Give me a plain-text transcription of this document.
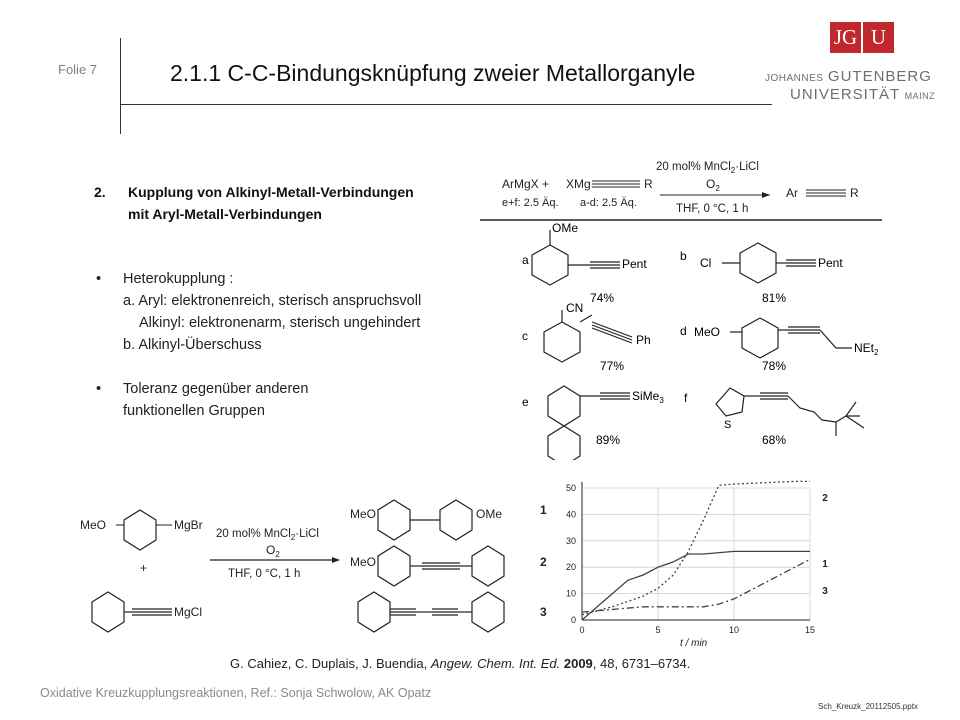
Folie 7	2.1.1 C-C-Bindungsknüpfung zweier Metallorganyle
JG U
JOHANNES GUTENBERG
UNIVERSITÄT MAINZ
2. Kupplung von Alkinyl-Metall-Verbindungen
mit Aryl-Metall-Verbindungen
•	Heterokupplung :
a. Aryl: elektronenreich, sterisch anspruchsvoll
Alkinyl: elektronenarm, sterisch ungehindert
b. Alkinyl-Überschuss
•	Toleranz gegenüber anderen
funktionellen Gruppen
ArMgX + XMg	R
e+f: 2.5 Äq. a-d: 2.5 Äq.
20 mol% MnCl$_2$·LiCl
$O_2$
THF, 0 °C, 1 h
Ar	R
a
OMe
Pent
74%
b Cl	Pent
81%
c
CN
Ph
77%
d MeO
NEt$_2$
78%
e	SiMe$_3$
89%
f
S
68%
MeO	MgBr
+
MgCl
20 mol% MnCl$_2$·LiCl
$O_2$
THF, 0 °C, 1 h
MeO	OMe	1
MeO	2
3
0
10
20
30
40
50
0	5	10	15
t / min
2
1
3
G. Cahiez, C. Duplais, J. Buendia, Angew. Chem. Int. Ed. 2009, 48, 6731–6734.
Oxidative Kreuzkupplungsreaktionen, Ref.: Sonja Schwolow, AK Opatz
Sch_Kreuzk_20112505.pptx
